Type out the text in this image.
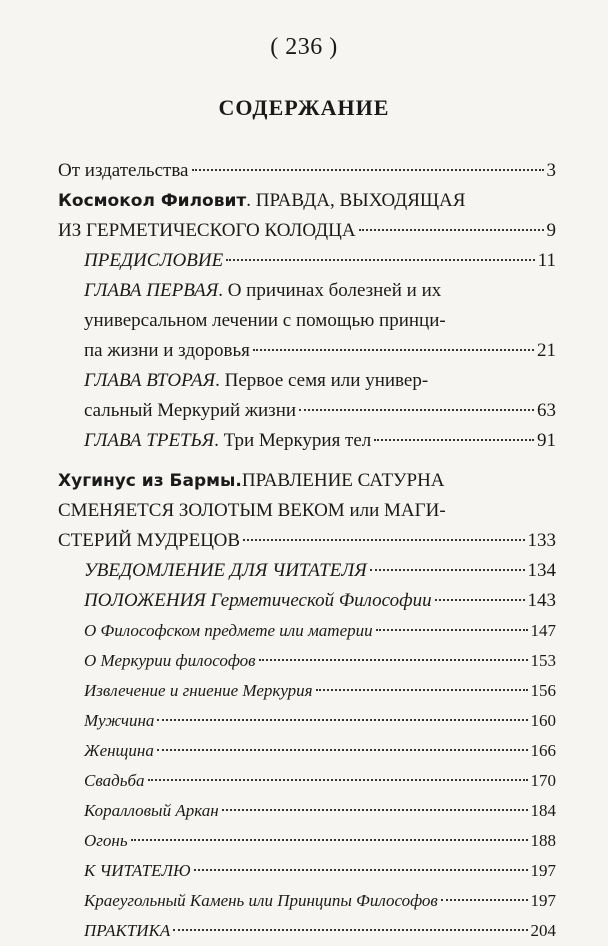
( 236 )
СОДЕРЖАНИЕ
От издательства	3
Космокол Филовит . ПРАВДА, ВЫХОДЯЩАЯ
ИЗ ГЕРМЕТИЧЕСКОГО КОЛОДЦА	9
ПРЕДИСЛОВИЕ	11
ГЛАВА ПЕРВАЯ . О причинах болезней и их
универсальном лечении с помощью принци-
па жизни и здоровья	21
ГЛАВА ВТОРАЯ . Первое семя или универ-
сальный Меркурий жизни	63
ГЛАВА ТРЕТЬЯ . Три Меркурия тел	91
Хугинус из Бармы. ПРАВЛЕНИЕ САТУРНА
СМЕНЯЕТСЯ ЗОЛОТЫМ ВЕКОМ или МАГИ-
СТЕРИЙ МУДРЕЦОВ	133
УВЕДОМЛЕНИЕ ДЛЯ ЧИТАТЕЛЯ	134
ПОЛОЖЕНИЯ Герметической Философии	143
О Философском предмете или материи	147
О Меркурии философов	153
Извлечение и гниение Меркурия	156
Мужчина	160
Женщина	166
Свадьба	170
Коралловый Аркан	184
Огонь	188
К ЧИТАТЕЛЮ	197
Краеугольный Камень или Принципы Философов	197
ПРАКТИКА	204
